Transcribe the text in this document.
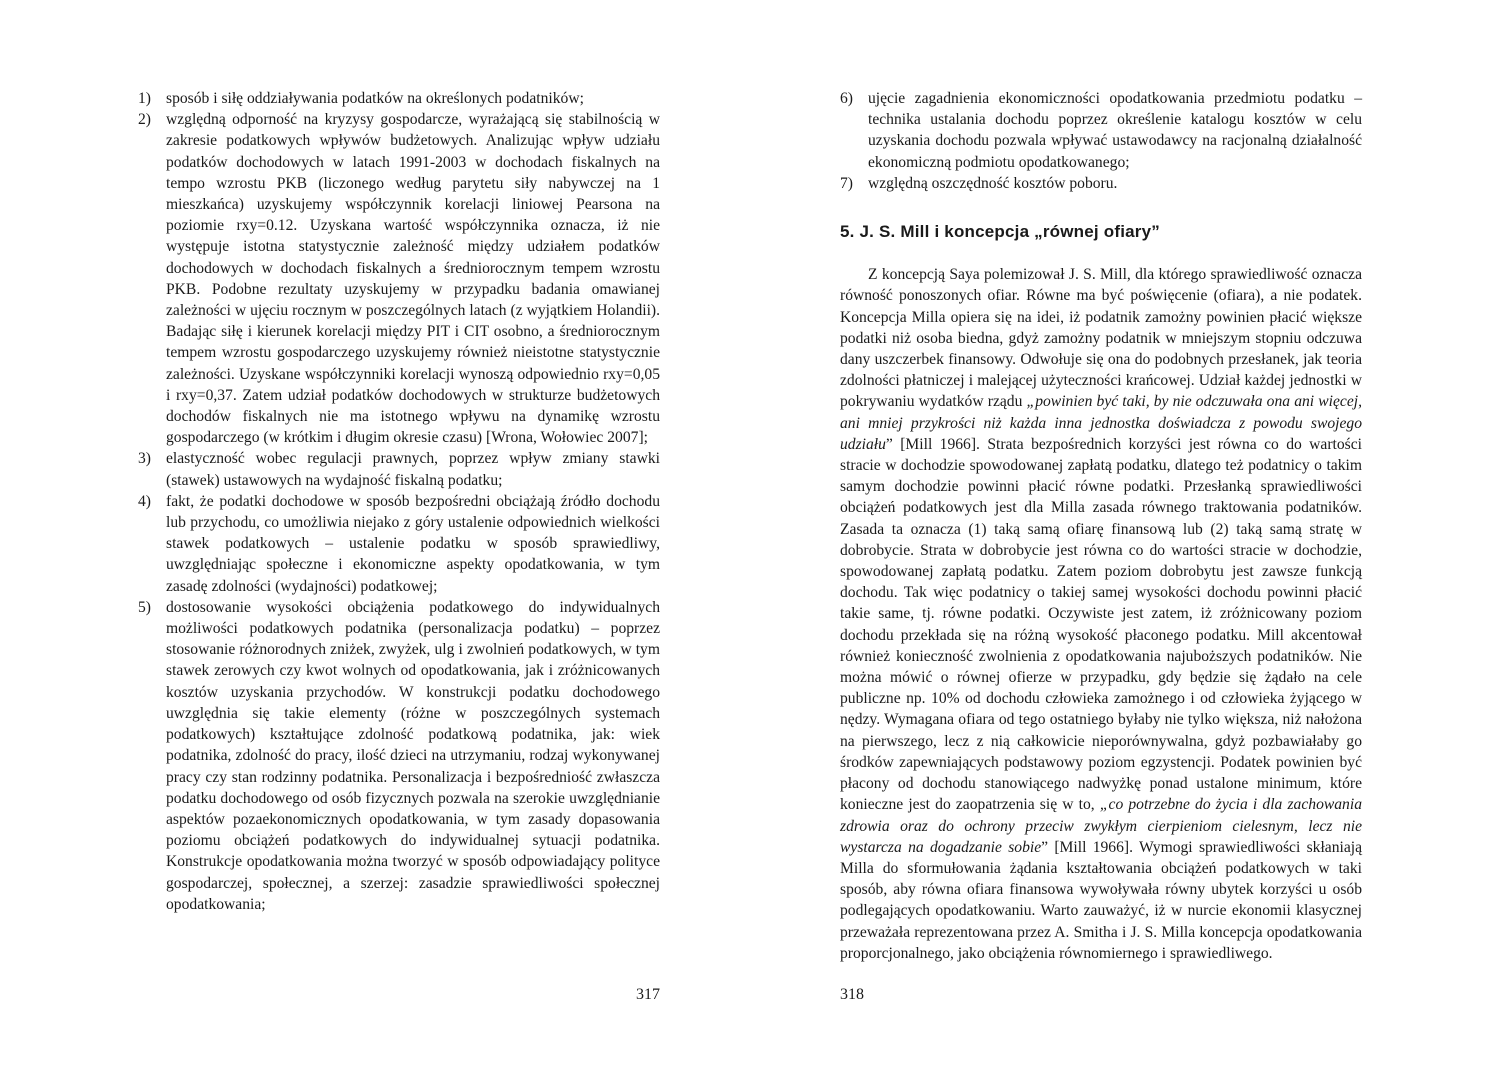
1) sposób i siłę oddziaływania podatków na określonych podatników;
2) względną odporność na kryzysy gospodarcze, wyrażającą się stabilnością w zakresie podatkowych wpływów budżetowych. Analizując wpływ udziału podatków dochodowych w latach 1991-2003 w dochodach fiskalnych na tempo wzrostu PKB (liczonego według parytetu siły nabywczej na 1 mieszkańca) uzyskujemy współczynnik korelacji liniowej Pearsona na poziomie rxy=0.12. Uzyskana wartość współczynnika oznacza, iż nie występuje istotna statystycznie zależność między udziałem podatków dochodowych w dochodach fiskalnych a średniorocznym tempem wzrostu PKB. Podobne rezultaty uzyskujemy w przypadku badania omawianej zależności w ujęciu rocznym w poszczególnych latach (z wyjątkiem Holandii). Badając siłę i kierunek korelacji między PIT i CIT osobno, a średniorocznym tempem wzrostu gospodarczego uzyskujemy również nieistotne statystycznie zależności. Uzyskane współczynniki korelacji wynoszą odpowiednio rxy=0,05 i rxy=0,37. Zatem udział podatków dochodowych w strukturze budżetowych dochodów fiskalnych nie ma istotnego wpływu na dynamikę wzrostu gospodarczego (w krótkim i długim okresie czasu) [Wrona, Wołowiec 2007];
3) elastyczność wobec regulacji prawnych, poprzez wpływ zmiany stawki (stawek) ustawowych na wydajność fiskalną podatku;
4) fakt, że podatki dochodowe w sposób bezpośredni obciążają źródło dochodu lub przychodu, co umożliwia niejako z góry ustalenie odpowiednich wielkości stawek podatkowych – ustalenie podatku w sposób sprawiedliwy, uwzględniając społeczne i ekonomiczne aspekty opodatkowania, w tym zasadę zdolności (wydajności) podatkowej;
5) dostosowanie wysokości obciążenia podatkowego do indywidualnych możliwości podatkowych podatnika (personalizacja podatku) – poprzez stosowanie różnorodnych zniżek, zwyżek, ulg i zwolnień podatkowych, w tym stawek zerowych czy kwot wolnych od opodatkowania, jak i zróżnicowanych kosztów uzyskania przychodów. W konstrukcji podatku dochodowego uwzględnia się takie elementy (różne w poszczególnych systemach podatkowych) kształtujące zdolność podatkową podatnika, jak: wiek podatnika, zdolność do pracy, ilość dzieci na utrzymaniu, rodzaj wykonywanej pracy czy stan rodzinny podatnika. Personalizacja i bezpośredniość zwłaszcza podatku dochodowego od osób fizycznych pozwala na szerokie uwzględnianie aspektów pozaekonomicznych opodatkowania, w tym zasady dopasowania poziomu obciążeń podatkowych do indywidualnej sytuacji podatnika. Konstrukcje opodatkowania można tworzyć w sposób odpowiadający polityce gospodarczej, społecznej, a szerzej: zasadzie sprawiedliwości społecznej opodatkowania;
317
6) ujęcie zagadnienia ekonomiczności opodatkowania przedmiotu podatku – technika ustalania dochodu poprzez określenie katalogu kosztów w celu uzyskania dochodu pozwala wpływać ustawodawcy na racjonalną działalność ekonomiczną podmiotu opodatkowanego;
7) względną oszczędność kosztów poboru.
5. J. S. Mill i koncepcja „równej ofiary”

Z koncepcją Saya polemizował J. S. Mill, dla którego sprawiedliwość oznacza równość ponoszonych ofiar. Równe ma być poświęcenie (ofiara), a nie podatek. Koncepcja Milla opiera się na idei, iż podatnik zamożny powinien płacić większe podatki niż osoba biedna, gdyż zamożny podatnik w mniejszym stopniu odczuwa dany uszczerbek finansowy. Odwołuje się ona do podobnych przesłanek, jak teoria zdolności płatniczej i malejącej użyteczności krańcowej. Udział każdej jednostki w pokrywaniu wydatków rządu „powinien być taki, by nie odczuwała ona ani więcej, ani mniej przykrości niż każda inna jednostka doświadcza z powodu swojego udziału” [Mill 1966]. Strata bezpośrednich korzyści jest równa co do wartości stracie w dochodzie spowodowanej zapłatą podatku, dlatego też podatnicy o takim samym dochodzie powinni płacić równe podatki. Przesłanką sprawiedliwości obciążeń podatkowych jest dla Milla zasada równego traktowania podatników. Zasada ta oznacza (1) taką samą ofiarę finansową lub (2) taką samą stratę w dobrobycie. Strata w dobrobycie jest równa co do wartości stracie w dochodzie, spowodowanej zapłatą podatku. Zatem poziom dobrobytu jest zawsze funkcją dochodu. Tak więc podatnicy o takiej samej wysokości dochodu powinni płacić takie same, tj. równe podatki. Oczywiste jest zatem, iż zróżnicowany poziom dochodu przekłada się na różną wysokość płaconego podatku. Mill akcentował również konieczność zwolnienia z opodatkowania najuboższych podatników. Nie można mówić o równej ofierze w przypadku, gdy będzie się żądało na cele publiczne np. 10% od dochodu człowieka zamożnego i od człowieka żyjącego w nędzy. Wymagana ofiara od tego ostatniego byłaby nie tylko większa, niż nałożona na pierwszego, lecz z nią całkowicie nieporównywalna, gdyż pozbawiałaby go środków zapewniających podstawowy poziom egzystencji. Podatek powinien być płacony od dochodu stanowiącego nadwyżkę ponad ustalone minimum, które konieczne jest do zaopatrzenia się w to, „co potrzebne do życia i dla zachowania zdrowia oraz do ochrony przeciw zwykłym cierpieniom cielesnym, lecz nie wystarcza na dogadzanie sobie” [Mill 1966]. Wymogi sprawiedliwości skłaniają Milla do sformułowania żądania kształtowania obciążeń podatkowych w taki sposób, aby równa ofiara finansowa wywoływała równy ubytek korzyści u osób podlegających opodatkowaniu. Warto zauważyć, iż w nurcie ekonomii klasycznej przeważała reprezentowana przez A. Smitha i J. S. Milla koncepcja opodatkowania proporcjonalnego, jako obciążenia równomiernego i sprawiedliwego.

318
